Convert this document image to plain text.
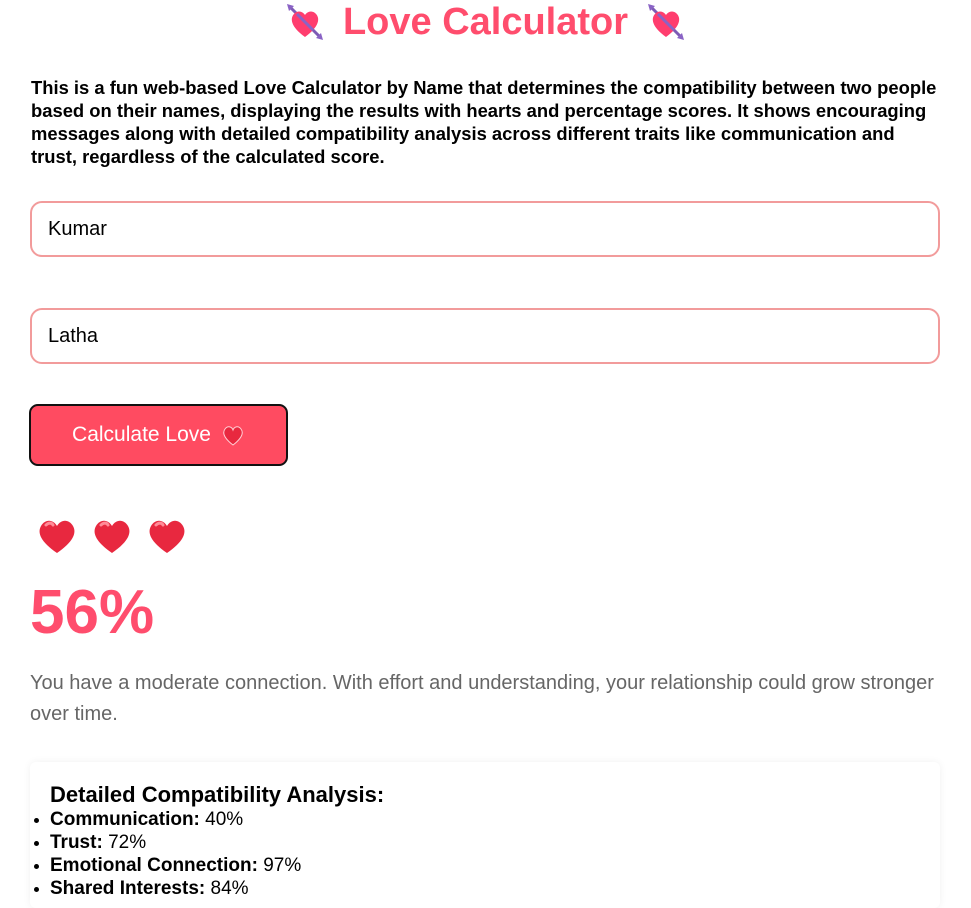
Love Calculator

This is a fun web-based Love Calculator by Name that determines the compatibility between two people based on their names, displaying the results with hearts and percentage scores. It shows encouraging messages along with detailed compatibility analysis across different traits like communication and trust, regardless of the calculated score.

Kumar
Latha
Calculate Love
56%
You have a moderate connection. With effort and understanding, your relationship could grow stronger over time.
Detailed Compatibility Analysis:
Communication: 40%
Trust: 72%
Emotional Connection: 97%
Shared Interests: 84%
